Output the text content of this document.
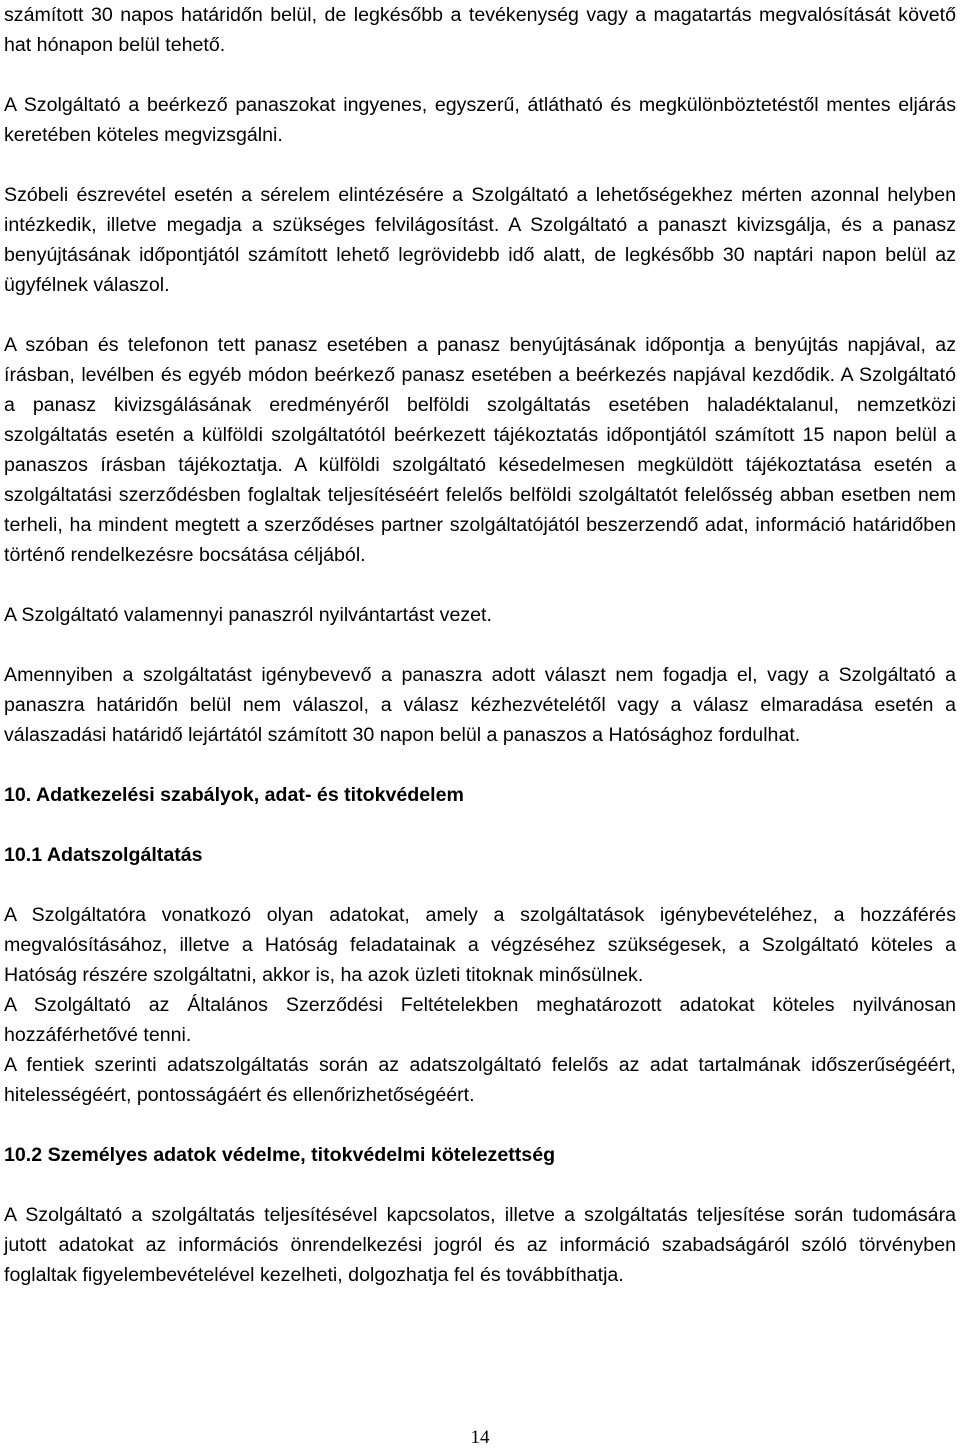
számított 30 napos határidőn belül, de legkésőbb a tevékenység vagy a magatartás megvalósítását követő hat hónapon belül tehető.

A Szolgáltató a beérkező panaszokat ingyenes, egyszerű, átlátható és megkülönböztetéstől mentes eljárás keretében köteles megvizsgálni.

Szóbeli észrevétel esetén a sérelem elintézésére a Szolgáltató a lehetőségekhez mérten azonnal helyben intézkedik, illetve megadja a szükséges felvilágosítást. A Szolgáltató a panaszt kivizsgálja, és a panasz benyújtásának időpontjától számított lehető legrövidebb idő alatt, de legkésőbb 30 naptári napon belül az ügyfélnek válaszol.

A szóban és telefonon tett panasz esetében a panasz benyújtásának időpontja a benyújtás napjával, az írásban, levélben és egyéb módon beérkező panasz esetében a beérkezés napjával kezdődik. A Szolgáltató a panasz kivizsgálásának eredményéről belföldi szolgáltatás esetében haladéktalanul, nemzetközi szolgáltatás esetén a külföldi szolgáltatótól beérkezett tájékoztatás időpontjától számított 15 napon belül a panaszos írásban tájékoztatja. A külföldi szolgáltató késedelmesen megküldött tájékoztatása esetén a szolgáltatási szerződésben foglaltak teljesítéséért felelős belföldi szolgáltatót felelősség abban esetben nem terheli, ha mindent megtett a szerződéses partner szolgáltatójától beszerzendő adat, információ határidőben történő rendelkezésre bocsátása céljából.

A Szolgáltató valamennyi panaszról nyilvántartást vezet.

Amennyiben a szolgáltatást igénybevevő a panaszra adott választ nem fogadja el, vagy a Szolgáltató a panaszra határidőn belül nem válaszol, a válasz kézhezvételétől vagy a válasz elmaradása esetén a válaszadási határidő lejártától számított 30 napon belül a panaszos a Hatósághoz fordulhat.

10. Adatkezelési szabályok, adat- és titokvédelem

10.1 Adatszolgáltatás

A Szolgáltatóra vonatkozó olyan adatokat, amely a szolgáltatások igénybevételéhez, a hozzáférés megvalósításához, illetve a Hatóság feladatainak a végzéséhez szükségesek, a Szolgáltató köteles a Hatóság részére szolgáltatni, akkor is, ha azok üzleti titoknak minősülnek.

A Szolgáltató az Általános Szerződési Feltételekben meghatározott adatokat köteles nyilvánosan hozzáférhetővé tenni.

A fentiek szerinti adatszolgáltatás során az adatszolgáltató felelős az adat tartalmának időszerűségéért, hitelességéért, pontosságáért és ellenőrizhetőségéért.

10.2 Személyes adatok védelme, titokvédelmi kötelezettség

A Szolgáltató a szolgáltatás teljesítésével kapcsolatos, illetve a szolgáltatás teljesítése során tudomására jutott adatokat az információs önrendelkezési jogról és az információ szabadságáról szóló törvényben foglaltak figyelembevételével kezelheti, dolgozhatja fel és továbbíthatja.

14
